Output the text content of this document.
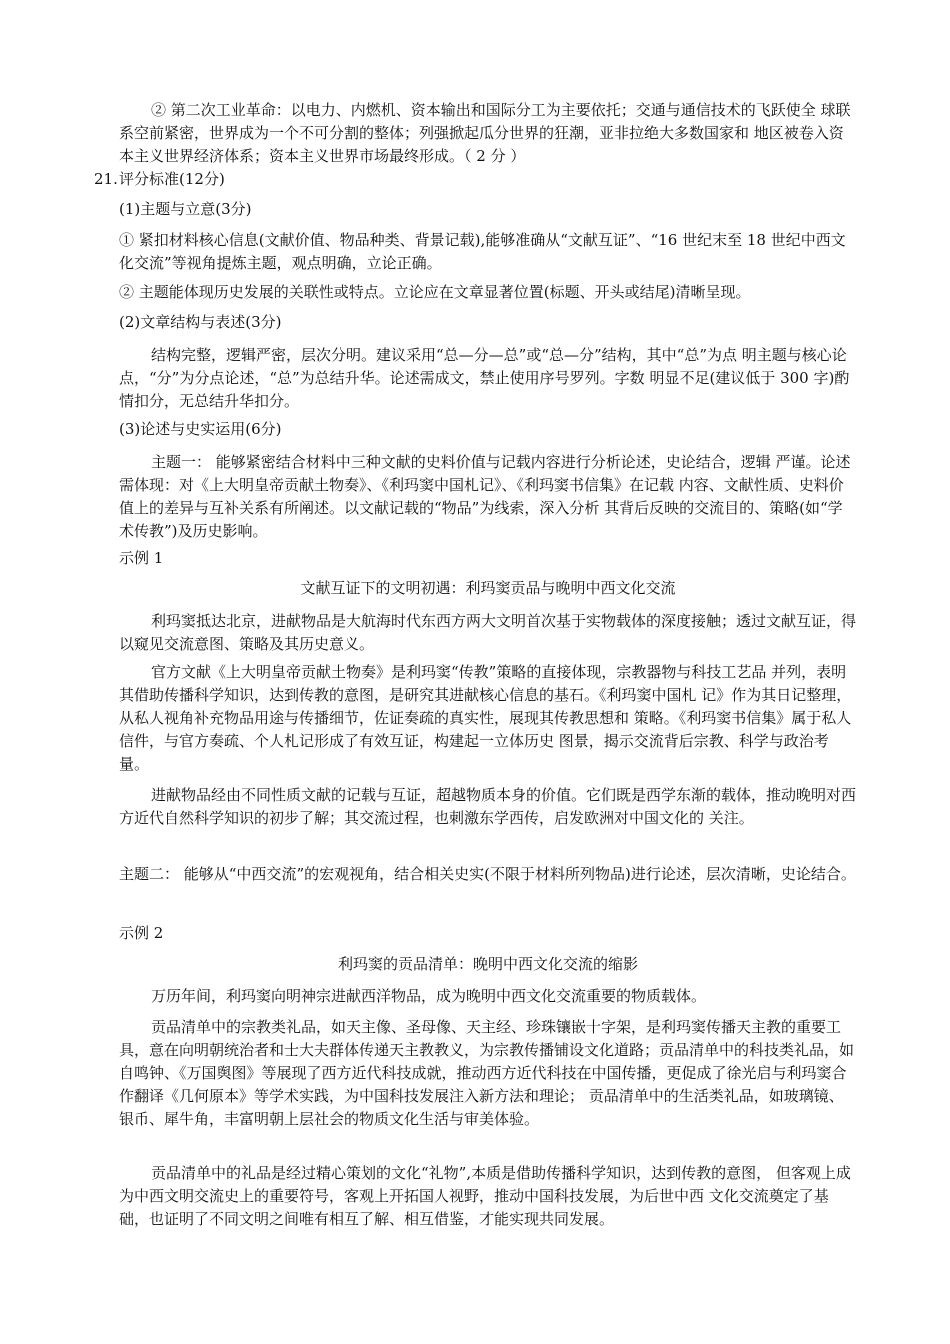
② 第二次工业革命：以电力、内燃机、资本输出和国际分工为主要依托；交通与通信技术的飞跃使全 球联系空前紧密，世界成为一个不可分割的整体；列强掀起瓜分世界的狂潮，亚非拉绝大多数国家和 地区被卷入资本主义世界经济体系；资本主义世界市场最终形成。（ 2 分 ）

21. 评分标准(12分)

(1)主题与立意(3分)

① 紧扣材料核心信息(文献价值、物品种类、背景记载),能够准确从“文献互证”、“16 世纪末至 18 世纪中西文化交流”等视角提炼主题，观点明确，立论正确。

② 主题能体现历史发展的关联性或特点。立论应在文章显著位置(标题、开头或结尾)清晰呈现。

(2)文章结构与表述(3分)

结构完整，逻辑严密，层次分明。建议采用“总—分—总”或“总—分”结构，其中“总”为点 明主题与核心论点，“分”为分点论述，“总”为总结升华。论述需成文，禁止使用序号罗列。字数 明显不足(建议低于 300 字)酌情扣分，无总结升华扣分。

(3)论述与史实运用(6分)

主题一： 能够紧密结合材料中三种文献的史料价值与记载内容进行分析论述，史论结合，逻辑 严谨。论述需体现：对《上大明皇帝贡献土物奏》、《利玛窦中国札记》、《利玛窦书信集》在记载 内容、文献性质、史料价值上的差异与互补关系有所阐述。以文献记载的“物品”为线索，深入分析 其背后反映的交流目的、策略(如“学术传教”)及历史影响。

示例 1

文献互证下的文明初遇：利玛窦贡品与晚明中西文化交流

利玛窦抵达北京，进献物品是大航海时代东西方两大文明首次基于实物载体的深度接触；透过文献互证，得以窥见交流意图、策略及其历史意义。

官方文献《上大明皇帝贡献土物奏》是利玛窦“传教”策略的直接体现，宗教器物与科技工艺品 并列，表明其借助传播科学知识，达到传教的意图，是研究其进献核心信息的基石。《利玛窦中国札 记》作为其日记整理，从私人视角补充物品用途与传播细节，佐证奏疏的真实性，展现其传教思想和 策略。《利玛窦书信集》属于私人信件，与官方奏疏、个人札记形成了有效互证，构建起一立体历史 图景，揭示交流背后宗教、科学与政治考量。

进献物品经由不同性质文献的记载与互证，超越物质本身的价值。它们既是西学东渐的载体，推动晚明对西方近代自然科学知识的初步了解；其交流过程，也刺激东学西传，启发欧洲对中国文化的 关注。

主题二： 能够从“中西交流”的宏观视角，结合相关史实(不限于材料所列物品)进行论述，层次清晰，史论结合。

示例 2

利玛窦的贡品清单：晚明中西文化交流的缩影

万历年间，利玛窦向明神宗进献西洋物品，成为晚明中西文化交流重要的物质载体。

贡品清单中的宗教类礼品，如天主像、圣母像、天主经、珍珠镶嵌十字架，是利玛窦传播天主教的重要工具，意在向明朝统治者和士大夫群体传递天主教教义，为宗教传播铺设文化道路；贡品清单中的科技类礼品，如自鸣钟、《万国舆图》等展现了西方近代科技成就，推动西方近代科技在中国传播，更促成了徐光启与利玛窦合作翻译《几何原本》等学术实践，为中国科技发展注入新方法和理论； 贡品清单中的生活类礼品，如玻璃镜、银币、犀牛角，丰富明朝上层社会的物质文化生活与审美体验。

贡品清单中的礼品是经过精心策划的文化“礼物”,本质是借助传播科学知识，达到传教的意图， 但客观上成为中西文明交流史上的重要符号，客观上开拓国人视野，推动中国科技发展，为后世中西 文化交流奠定了基础，也证明了不同文明之间唯有相互了解、相互借鉴，才能实现共同发展。
